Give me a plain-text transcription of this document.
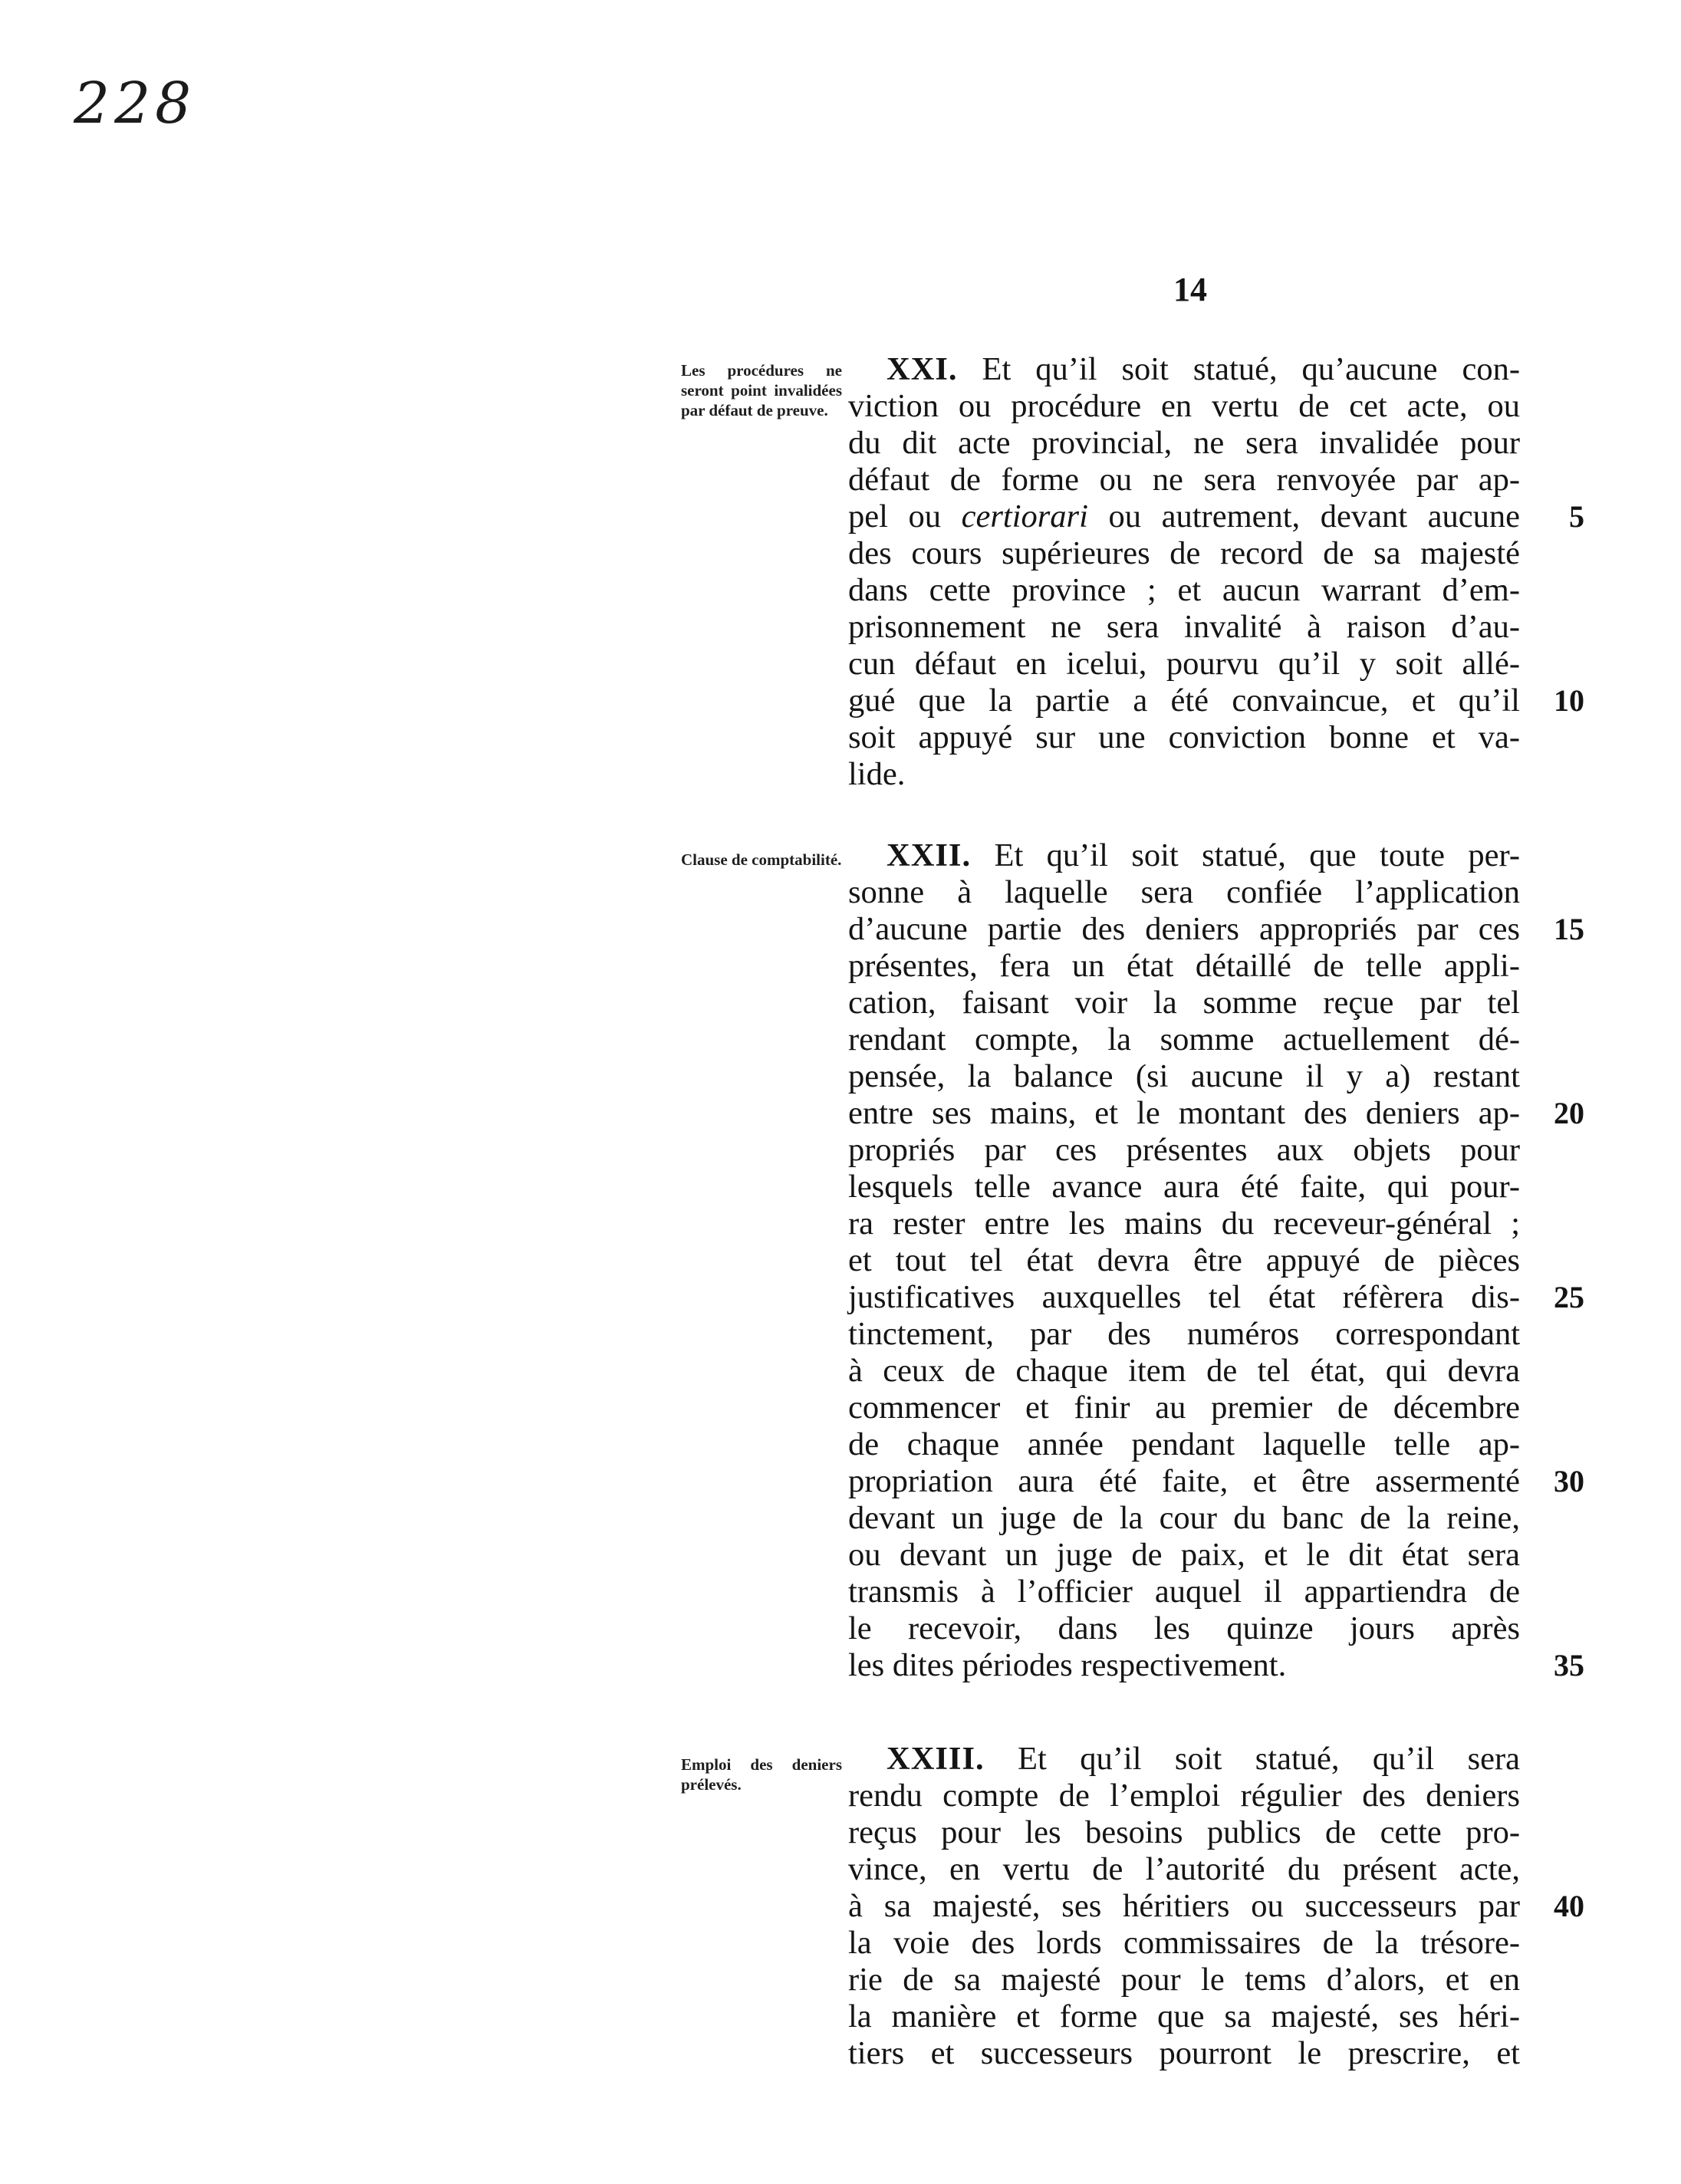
228
14
Les procédures ne seront point invalidées par défaut de preuve.
XXI. Et qu’il soit statué, qu’aucune con-
viction ou procédure en vertu de cet acte, ou
du dit acte provincial, ne sera invalidée pour
défaut de forme ou ne sera renvoyée par ap-
pel ou certiorari ou autrement, devant aucune
des cours supérieures de record de sa majesté
dans cette province ; et aucun warrant d’em-
prisonnement ne sera invalité à raison d’au-
cun défaut en icelui, pourvu qu’il y soit allé-
gué que la partie a été convaincue, et qu’il
soit appuyé sur une conviction bonne et va-
lide.
Clause de comptabilité.	XXII. Et qu’il soit statué, que toute per-
sonne à laquelle sera confiée l’application
d’aucune partie des deniers appropriés par ces
présentes, fera un état détaillé de telle appli-
cation, faisant voir la somme reçue par tel
rendant compte, la somme actuellement dé-
pensée, la balance (si aucune il y a) restant
entre ses mains, et le montant des deniers ap-
propriés par ces présentes aux objets pour
lesquels telle avance aura été faite, qui pour-
ra rester entre les mains du receveur-général ;
et tout tel état devra être appuyé de pièces
justificatives auxquelles tel état réfèrera dis-
tinctement, par des numéros correspondant
à ceux de chaque item de tel état, qui devra
commencer et finir au premier de décembre
de chaque année pendant laquelle telle ap-
propriation aura été faite, et être assermenté
devant un juge de la cour du banc de la reine,
ou devant un juge de paix, et le dit état sera
transmis à l’officier auquel il appartiendra de
le recevoir, dans les quinze jours après
les dites périodes respectivement.
Emploi des deniers prélevés.
XXIII. Et qu’il soit statué, qu’il sera
rendu compte de l’emploi régulier des deniers
reçus pour les besoins publics de cette pro-
vince, en vertu de l’autorité du présent acte,
à sa majesté, ses héritiers ou successeurs par
la voie des lords commissaires de la trésore-
rie de sa majesté pour le tems d’alors, et en
la manière et forme que sa majesté, ses héri-
tiers et successeurs pourront le prescrire, et
5
10
15
20
25
30
35
40
